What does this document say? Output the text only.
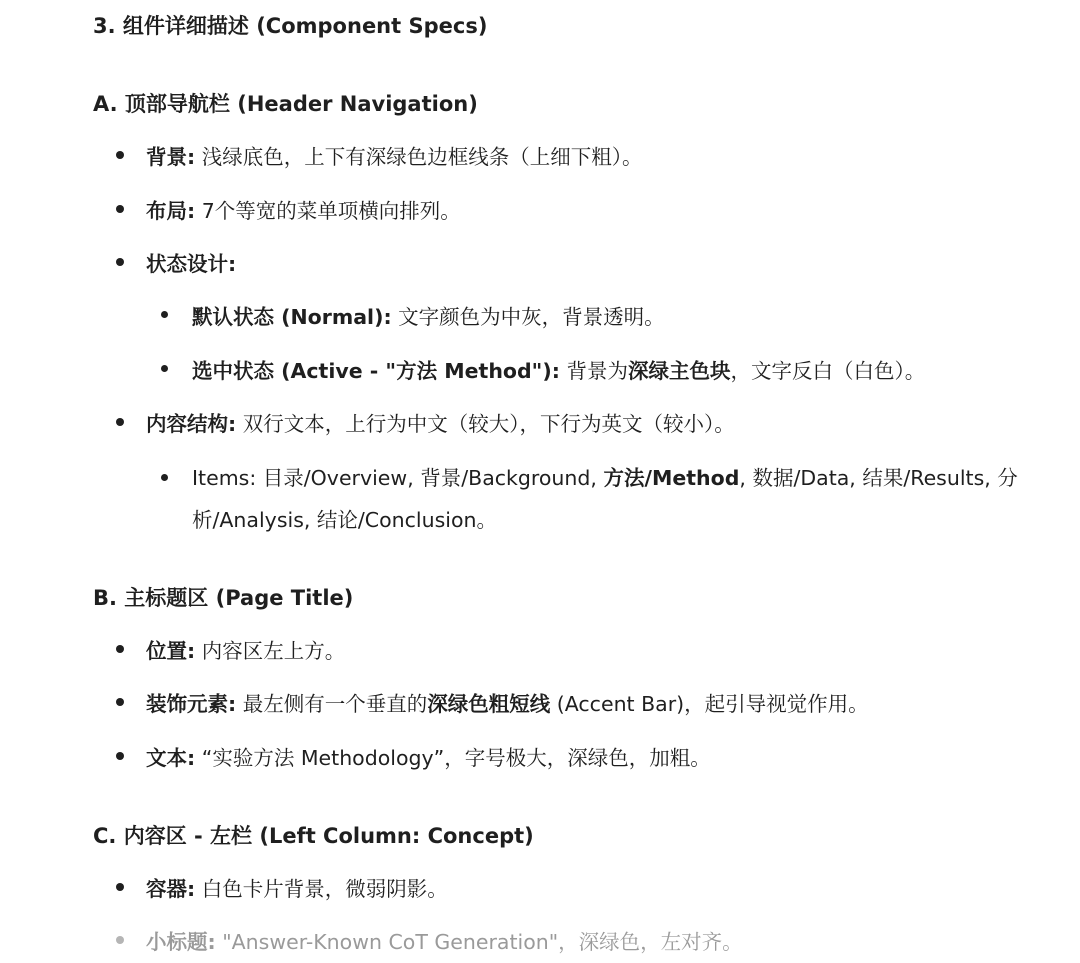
3. 组件详细描述 (Component Specs)
A. 顶部导航栏 (Header Navigation)
背景: 浅绿底色，上下有深绿色边框线条（上细下粗）。
布局: 7个等宽的菜单项横向排列。
状态设计:
默认状态 (Normal): 文字颜色为中灰，背景透明。
选中状态 (Active - "方法 Method"): 背景为深绿主色块，文字反白（白色）。
内容结构: 双行文本，上行为中文（较大），下行为英文（较小）。
Items: 目录/Overview, 背景/Background, 方法/Method, 数据/Data, 结果/Results, 分析/Analysis, 结论/Conclusion。
B. 主标题区 (Page Title)
位置: 内容区左上方。
装饰元素: 最左侧有一个垂直的深绿色粗短线 (Accent Bar)，起引导视觉作用。
文本: “实验方法 Methodology”，字号极大，深绿色，加粗。
C. 内容区 - 左栏 (Left Column: Concept)
容器: 白色卡片背景，微弱阴影。
小标题: "Answer-Known CoT Generation"，深绿色，左对齐。
